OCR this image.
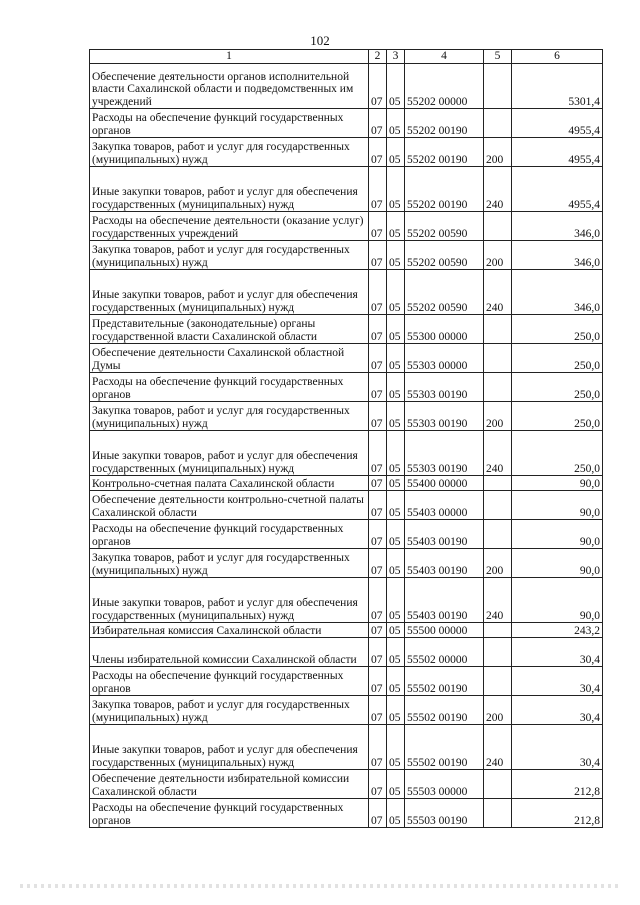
102
1	2	3	4	5	6
Обеспечение деятельности органов исполнительной власти Сахалинской области и подведомственных им учреждений	07	05	55202 00000		5301,4
Расходы на обеспечение функций государственных органов	07	05	55202 00190		4955,4
Закупка товаров, работ и услуг для государственных (муниципальных) нужд	07	05	55202 00190	200	4955,4
Иные закупки товаров, работ и услуг для обеспечения государственных (муниципальных) нужд	07	05	55202 00190	240	4955,4
Расходы на обеспечение деятельности (оказание услуг) государственных учреждений	07	05	55202 00590		346,0
Закупка товаров, работ и услуг для государственных (муниципальных) нужд	07	05	55202 00590	200	346,0
Иные закупки товаров, работ и услуг для обеспечения государственных (муниципальных) нужд	07	05	55202 00590	240	346,0
Представительные (законодательные) органы государственной власти Сахалинской области	07	05	55300 00000		250,0
Обеспечение деятельности Сахалинской областной Думы	07	05	55303 00000		250,0
Расходы на обеспечение функций государственных органов	07	05	55303 00190		250,0
Закупка товаров, работ и услуг для государственных (муниципальных) нужд	07	05	55303 00190	200	250,0
Иные закупки товаров, работ и услуг для обеспечения государственных (муниципальных) нужд	07	05	55303 00190	240	250,0
Контрольно-счетная палата Сахалинской области	07	05	55400 00000		90,0
Обеспечение деятельности контрольно-счетной палаты Сахалинской области	07	05	55403 00000		90,0
Расходы на обеспечение функций государственных органов	07	05	55403 00190		90,0
Закупка товаров, работ и услуг для государственных (муниципальных) нужд	07	05	55403 00190	200	90,0
Иные закупки товаров, работ и услуг для обеспечения государственных (муниципальных) нужд	07	05	55403 00190	240	90,0
Избирательная комиссия Сахалинской области	07	05	55500 00000		243,2
Члены избирательной комиссии Сахалинской области	07	05	55502 00000		30,4
Расходы на обеспечение функций государственных органов	07	05	55502 00190		30,4
Закупка товаров, работ и услуг для государственных (муниципальных) нужд	07	05	55502 00190	200	30,4
Иные закупки товаров, работ и услуг для обеспечения государственных (муниципальных) нужд	07	05	55502 00190	240	30,4
Обеспечение деятельности избирательной комиссии Сахалинской области	07	05	55503 00000		212,8
Расходы на обеспечение функций государственных органов	07	05	55503 00190		212,8
